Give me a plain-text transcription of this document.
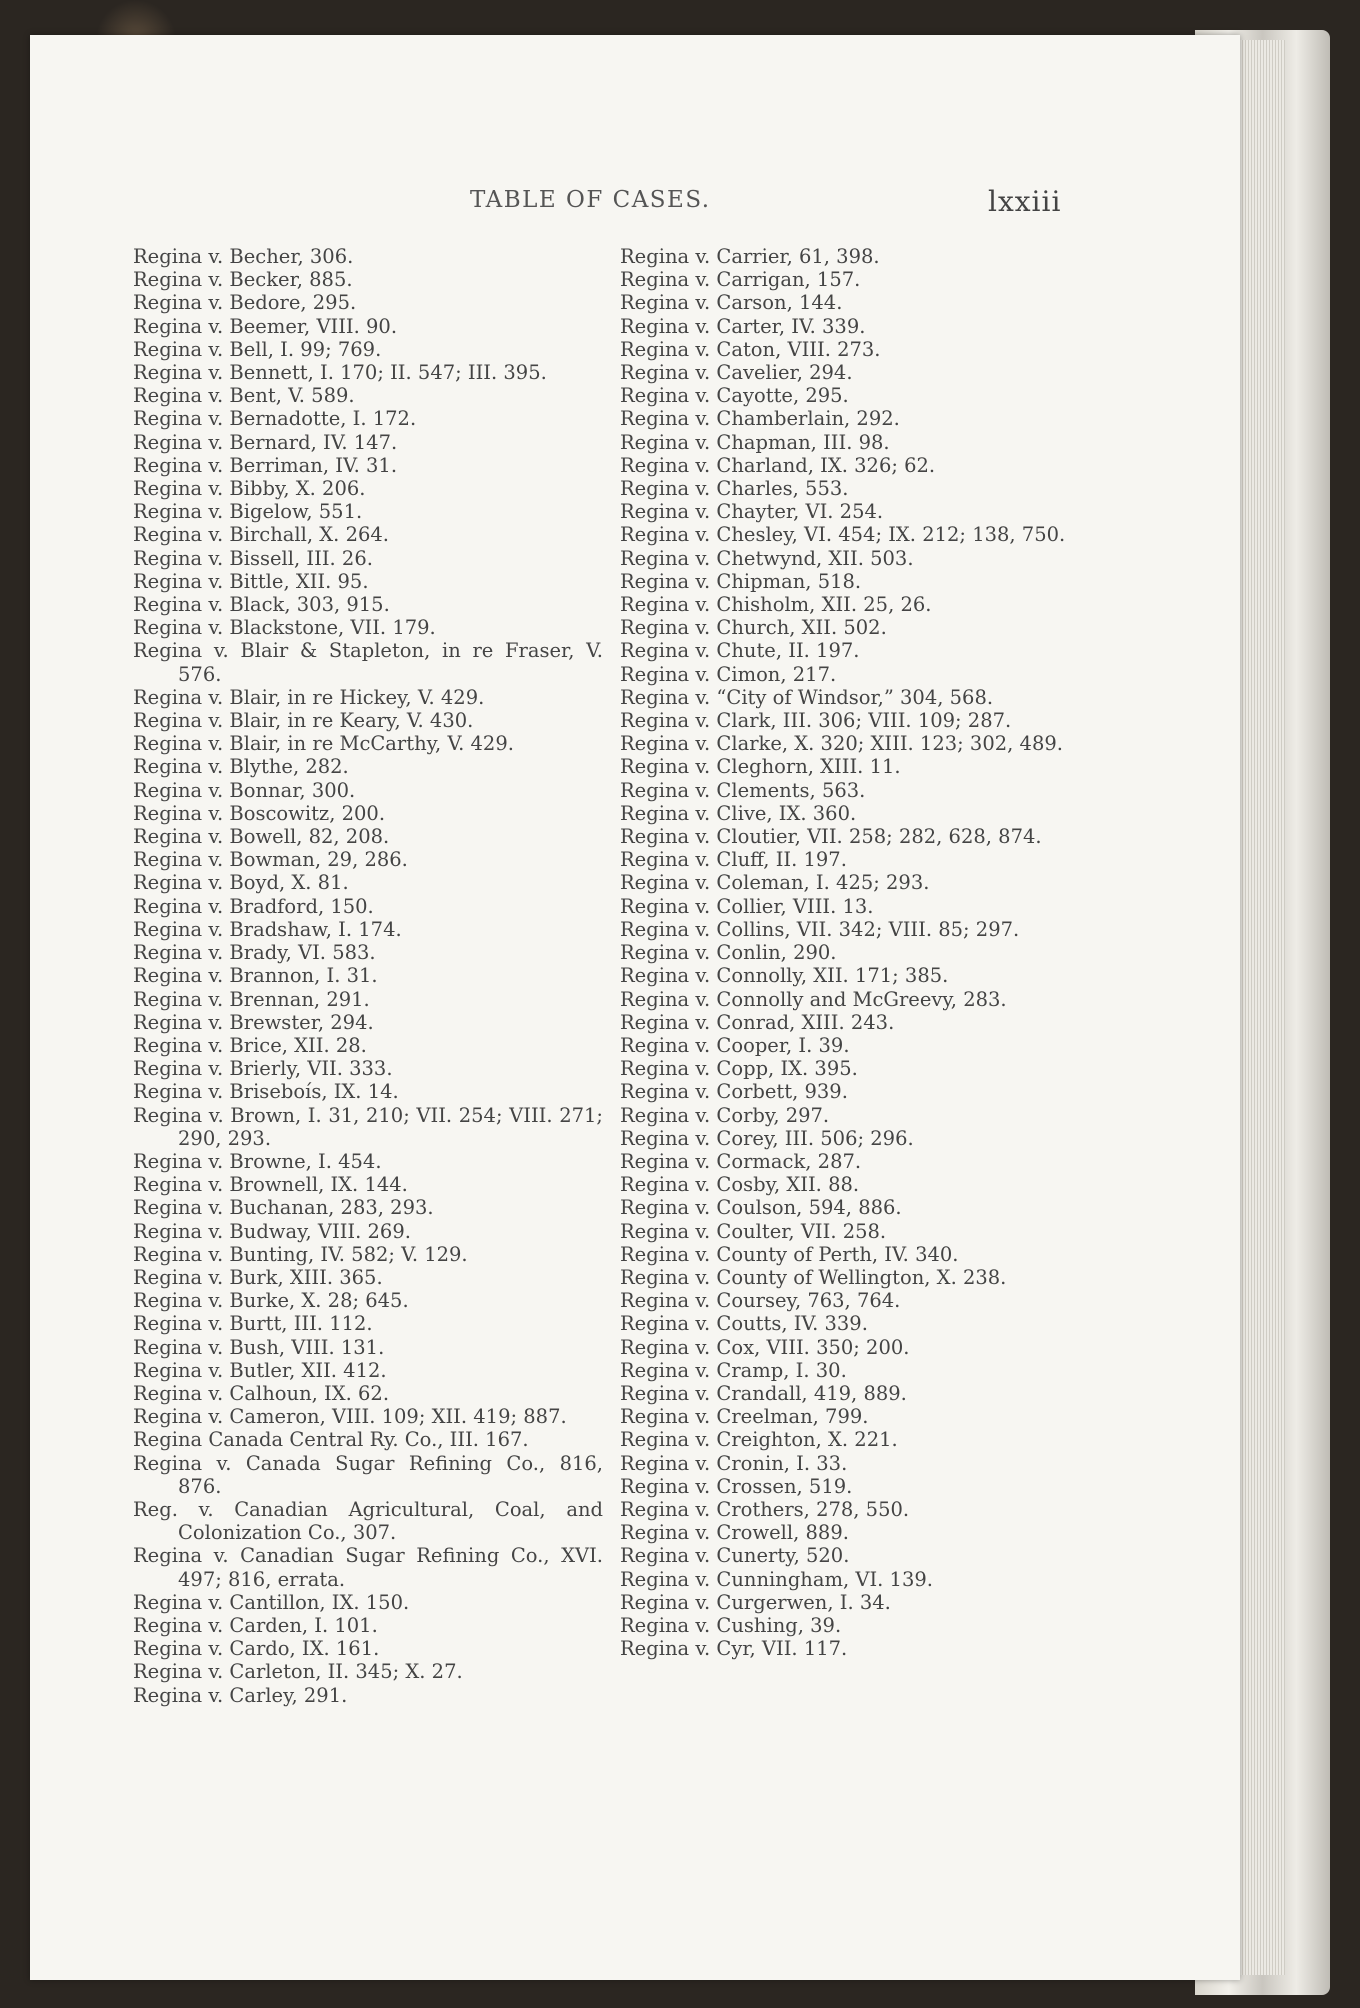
TABLE OF CASES.	lxxiii
Regina v. Becher, 306.
Regina v. Becker, 885.
Regina v. Bedore, 295.
Regina v. Beemer, VIII. 90.
Regina v. Bell, I. 99; 769.
Regina v. Bennett, I. 170; II. 547; III. 395.
Regina v. Bent, V. 589.
Regina v. Bernadotte, I. 172.
Regina v. Bernard, IV. 147.
Regina v. Berriman, IV. 31.
Regina v. Bibby, X. 206.
Regina v. Bigelow, 551.
Regina v. Birchall, X. 264.
Regina v. Bissell, III. 26.
Regina v. Bittle, XII. 95.
Regina v. Black, 303, 915.
Regina v. Blackstone, VII. 179.
Regina v. Blair & Stapleton, in re Fraser, V. 576.
Regina v. Blair, in re Hickey, V. 429.
Regina v. Blair, in re Keary, V. 430.
Regina v. Blair, in re McCarthy, V. 429.
Regina v. Blythe, 282.
Regina v. Bonnar, 300.
Regina v. Boscowitz, 200.
Regina v. Bowell, 82, 208.
Regina v. Bowman, 29, 286.
Regina v. Boyd, X. 81.
Regina v. Bradford, 150.
Regina v. Bradshaw, I. 174.
Regina v. Brady, VI. 583.
Regina v. Brannon, I. 31.
Regina v. Brennan, 291.
Regina v. Brewster, 294.
Regina v. Brice, XII. 28.
Regina v. Brierly, VII. 333.
Regina v. Briseboís, IX. 14.
Regina v. Brown, I. 31, 210; VII. 254; VIII. 271; 290, 293.
Regina v. Browne, I. 454.
Regina v. Brownell, IX. 144.
Regina v. Buchanan, 283, 293.
Regina v. Budway, VIII. 269.
Regina v. Bunting, IV. 582; V. 129.
Regina v. Burk, XIII. 365.
Regina v. Burke, X. 28; 645.
Regina v. Burtt, III. 112.
Regina v. Bush, VIII. 131.
Regina v. Butler, XII. 412.
Regina v. Calhoun, IX. 62.
Regina v. Cameron, VIII. 109; XII. 419; 887.
Regina Canada Central Ry. Co., III. 167.
Regina v. Canada Sugar Refining Co., 816, 876.
Reg. v. Canadian Agricultural, Coal, and Colonization Co., 307.
Regina v. Canadian Sugar Refining Co., XVI. 497; 816, errata.
Regina v. Cantillon, IX. 150.
Regina v. Carden, I. 101.
Regina v. Cardo, IX. 161.
Regina v. Carleton, II. 345; X. 27.
Regina v. Carley, 291.
Regina v. Carrier, 61, 398.
Regina v. Carrigan, 157.
Regina v. Carson, 144.
Regina v. Carter, IV. 339.
Regina v. Caton, VIII. 273.
Regina v. Cavelier, 294.
Regina v. Cayotte, 295.
Regina v. Chamberlain, 292.
Regina v. Chapman, III. 98.
Regina v. Charland, IX. 326; 62.
Regina v. Charles, 553.
Regina v. Chayter, VI. 254.
Regina v. Chesley, VI. 454; IX. 212; 138, 750.
Regina v. Chetwynd, XII. 503.
Regina v. Chipman, 518.
Regina v. Chisholm, XII. 25, 26.
Regina v. Church, XII. 502.
Regina v. Chute, II. 197.
Regina v. Cimon, 217.
Regina v. “City of Windsor,” 304, 568.
Regina v. Clark, III. 306; VIII. 109; 287.
Regina v. Clarke, X. 320; XIII. 123; 302, 489.
Regina v. Cleghorn, XIII. 11.
Regina v. Clements, 563.
Regina v. Clive, IX. 360.
Regina v. Cloutier, VII. 258; 282, 628, 874.
Regina v. Cluff, II. 197.
Regina v. Coleman, I. 425; 293.
Regina v. Collier, VIII. 13.
Regina v. Collins, VII. 342; VIII. 85; 297.
Regina v. Conlin, 290.
Regina v. Connolly, XII. 171; 385.
Regina v. Connolly and McGreevy, 283.
Regina v. Conrad, XIII. 243.
Regina v. Cooper, I. 39.
Regina v. Copp, IX. 395.
Regina v. Corbett, 939.
Regina v. Corby, 297.
Regina v. Corey, III. 506; 296.
Regina v. Cormack, 287.
Regina v. Cosby, XII. 88.
Regina v. Coulson, 594, 886.
Regina v. Coulter, VII. 258.
Regina v. County of Perth, IV. 340.
Regina v. County of Wellington, X. 238.
Regina v. Coursey, 763, 764.
Regina v. Coutts, IV. 339.
Regina v. Cox, VIII. 350; 200.
Regina v. Cramp, I. 30.
Regina v. Crandall, 419, 889.
Regina v. Creelman, 799.
Regina v. Creighton, X. 221.
Regina v. Cronin, I. 33.
Regina v. Crossen, 519.
Regina v. Crothers, 278, 550.
Regina v. Crowell, 889.
Regina v. Cunerty, 520.
Regina v. Cunningham, VI. 139.
Regina v. Curgerwen, I. 34.
Regina v. Cushing, 39.
Regina v. Cyr, VII. 117.
